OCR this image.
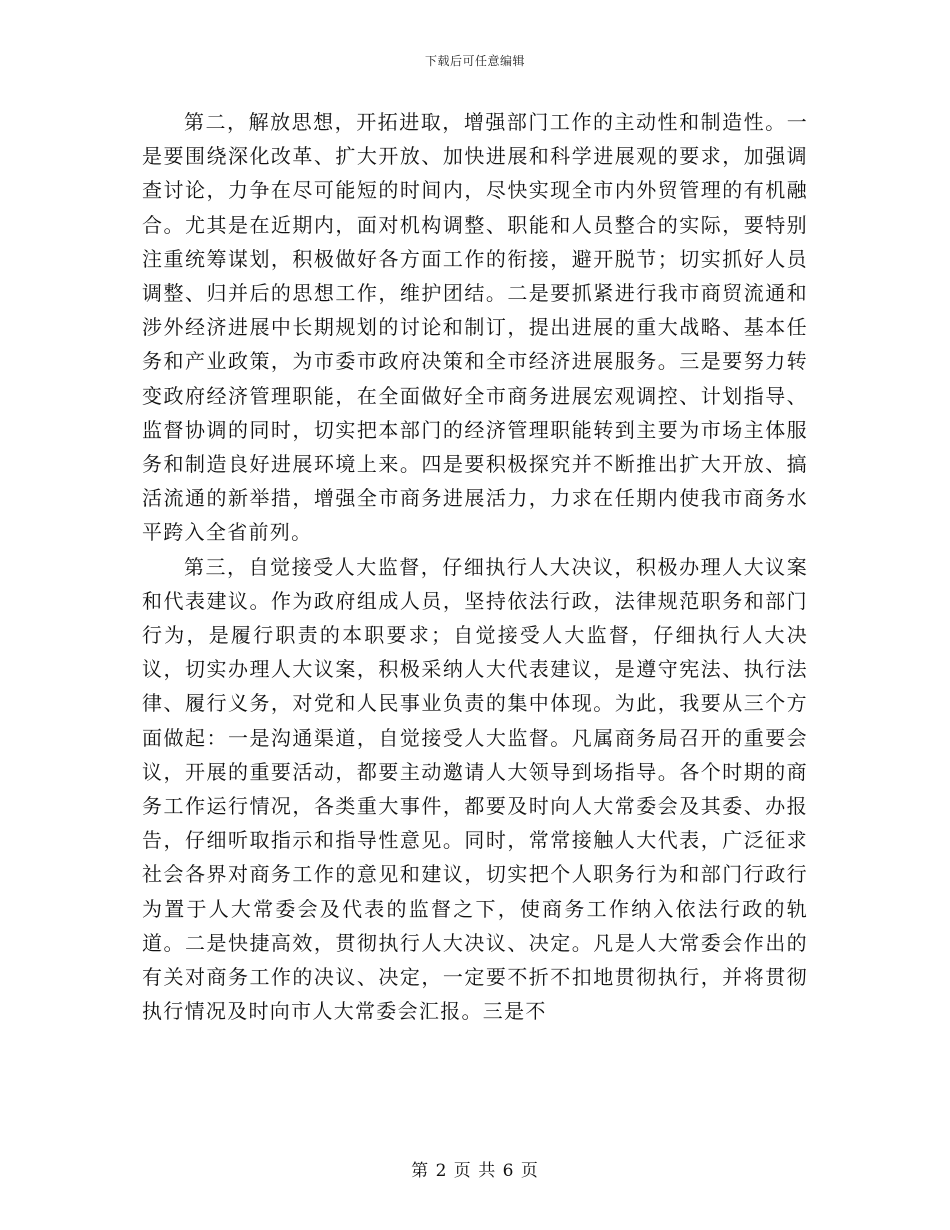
下载后可任意编辑

第二，解放思想，开拓进取，增强部门工作的主动性和制造性。一是要围绕深化改革、扩大开放、加快进展和科学进展观的要求，加强调查讨论，力争在尽可能短的时间内，尽快实现全市内外贸管理的有机融合。尤其是在近期内，面对机构调整、职能和人员整合的实际，要特别注重统筹谋划，积极做好各方面工作的衔接，避开脱节；切实抓好人员调整、归并后的思想工作，维护团结。二是要抓紧进行我市商贸流通和涉外经济进展中长期规划的讨论和制订，提出进展的重大战略、基本任务和产业政策，为市委市政府决策和全市经济进展服务。三是要努力转变政府经济管理职能，在全面做好全市商务进展宏观调控、计划指导、监督协调的同时，切实把本部门的经济管理职能转到主要为市场主体服务和制造良好进展环境上来。四是要积极探究并不断推出扩大开放、搞活流通的新举措，增强全市商务进展活力，力求在任期内使我市商务水平跨入全省前列。

第三，自觉接受人大监督，仔细执行人大决议，积极办理人大议案和代表建议。作为政府组成人员，坚持依法行政，法律规范职务和部门行为，是履行职责的本职要求；自觉接受人大监督，仔细执行人大决议，切实办理人大议案，积极采纳人大代表建议，是遵守宪法、执行法律、履行义务，对党和人民事业负责的集中体现。为此，我要从三个方面做起：一是沟通渠道，自觉接受人大监督。凡属商务局召开的重要会议，开展的重要活动，都要主动邀请人大领导到场指导。各个时期的商务工作运行情况，各类重大事件，都要及时向人大常委会及其委、办报告，仔细听取指示和指导性意见。同时，常常接触人大代表，广泛征求社会各界对商务工作的意见和建议，切实把个人职务行为和部门行政行为置于人大常委会及代表的监督之下，使商务工作纳入依法行政的轨道。二是快捷高效，贯彻执行人大决议、决定。凡是人大常委会作出的有关对商务工作的决议、决定，一定要不折不扣地贯彻执行，并将贯彻执行情况及时向市人大常委会汇报。三是不

第 2 页 共 6 页
